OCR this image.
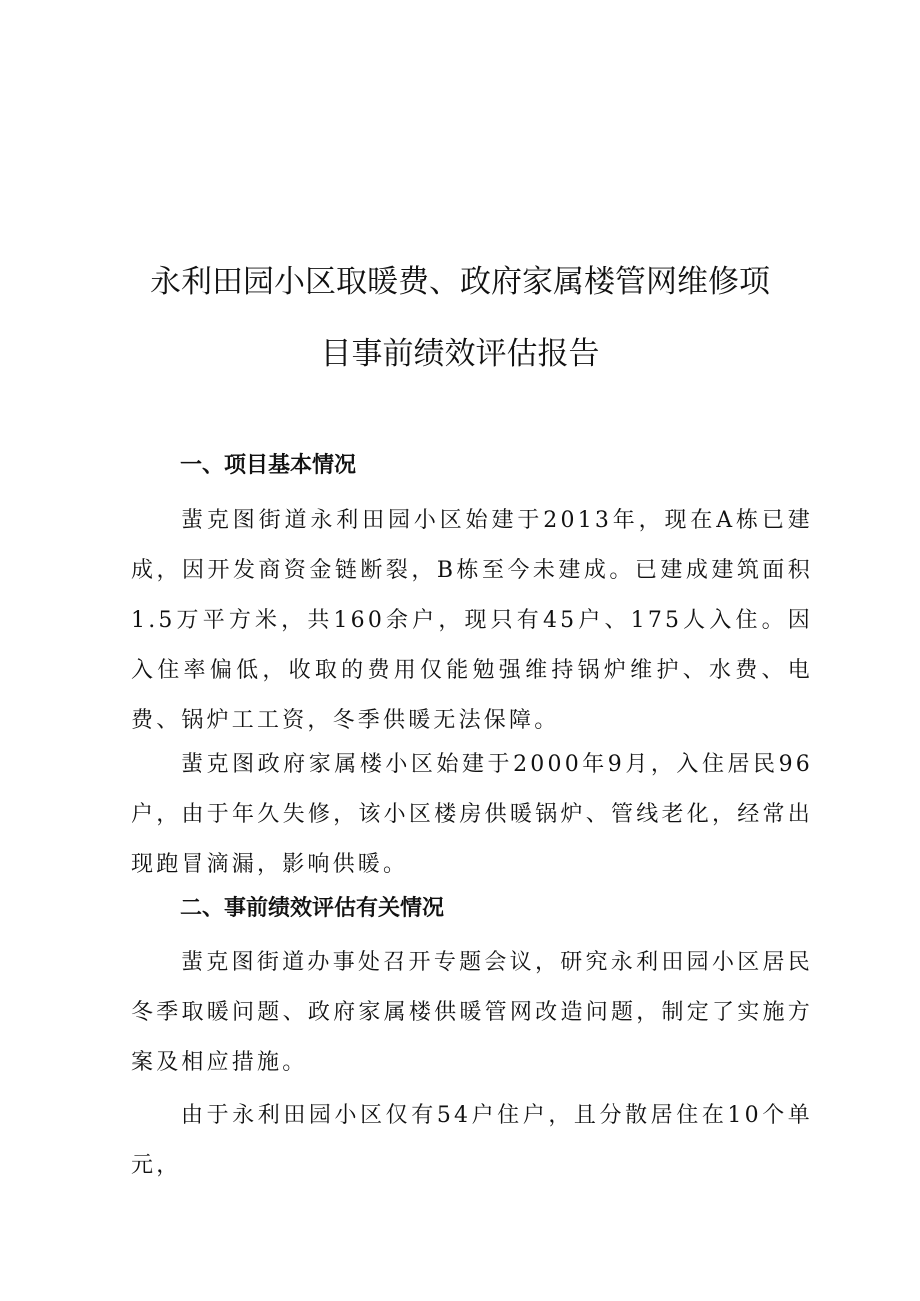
永利田园小区取暖费、政府家属楼管网维修项
目事前绩效评估报告
一、项目基本情况

蜚克图街道永利田园小区始建于2013年，现在A栋已建成，因开发商资金链断裂，B栋至今未建成。已建成建筑面积1.5万平方米，共160余户，现只有45户、175人入住。因入住率偏低，收取的费用仅能勉强维持锅炉维护、水费、电费、锅炉工工资，冬季供暖无法保障。

蜚克图政府家属楼小区始建于2000年9月，入住居民96户，由于年久失修，该小区楼房供暖锅炉、管线老化，经常出现跑冒滴漏，影响供暖。

二、事前绩效评估有关情况

蜚克图街道办事处召开专题会议，研究永利田园小区居民冬季取暖问题、政府家属楼供暖管网改造问题，制定了实施方案及相应措施。

由于永利田园小区仅有54户住户，且分散居住在10个单元，
